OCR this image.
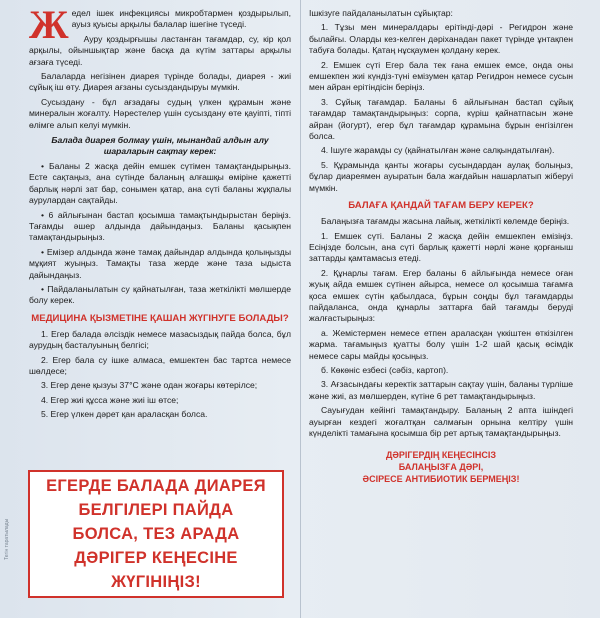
Жедел ішек инфекциясы микробтармен қоздырылып, ауыз қуысы арқылы балалар ішегіне түседі.

Ауру қоздырғышы ластанған тағамдар, су, кір қол арқылы, ойыншықтар және басқа да күтім заттары арқылы ағзаға түседі.

Балаларда негізінен диарея түрінде болады, диарея - жиі сұйық іш өту. Диарея ағзаны сусыздандыруы мүмкін.

Сусыздану - бұл ағзадағы судың үлкен құрамын және минералын жоғалту. Нәрестелер үшін сусыздану өте қауіпті, тіпті өлімге алып келуі мүмкін.

Балада диарея болмау үшін, мынандай алдын алу шараларын сақтау керек:

• Баланы 2 жасқа дейін емшек сүтімен тамақтандырыңыз. Есте сақтаңыз, ана сүтінде баланың алғашқы өміріне қажетті барлық нәрлі зат бар, сонымен қатар, ана сүті баланы жұқпалы аурулардан сақтайды.

• 6 айлығынан бастап қосымша тамақтындырыстан беріңіз. Тағамды әшер алдында дайындаңыз. Баланы қасықпен тамақтандырыңыз.

• Емізер алдында және тамақ дайындар алдында қолыңызды мұқият жуыңыз. Тамақты таза жерде және таза ыдыста дайындаңыз.

• Пайдаланылатын су қайнатылған, таза жеткілікті мөлшерде болу керек.

МЕДИЦИНА ҚЫЗМЕТІНЕ ҚАШАН ЖҮГІНУГЕ БОЛАДЫ?

1. Егер балада әлсіздік немесе мазасыздық пайда болса, бұл аурудың басталуының белгісі;

2. Егер бала су ішке алмаса, емшектен бас тартса немесе шөлдесе;

3. Егер дене қызуы 37°С және одан жоғары көтерілсе;

4. Егер жиі құсса және жиі іш өтсе;

5. Егер үлкен дәрет қан араласқан болса.

ЕГЕРДЕ БАЛАДА ДИАРЕЯ
БЕЛГІЛЕРІ ПАЙДА
БОЛСА, ТЕЗ АРАДА
ДӘРІГЕР КЕҢЕСІНЕ
ЖҮГІНІҢІЗ!
Тегін таратылады

Ішкізуге пайдаланылатын сұйықтар:

1. Тұзы мен минералдары ерітінді-дәрі - Регидрон және былайғы. Оларды кез-келген дәріханадан пакет түрінде ұнтақпен табуға болады. Қатаң нұсқаумен қолдану керек.

2. Емшек сүті Егер бала тек ғана емшек емсе, онда оны емшекпен жиі күндіз-түні емізумен қатар Регидрон немесе сусын мен айран ерітіндісін беріңіз.

3. Сұйық тағамдар. Баланы 6 айлығынан бастап сұйық тағамдар тамақтандырыңыз: сорпа, күріш қайнатпасын және айран (йогурт), егер бұл тағамдар құрамына бұрын енгізілген болса.

4. Ішуге жарамды су (қайнатылған және салқындатылған).

5. Құрамында қанты жоғары сусындардан аулақ болыңыз, бұлар диареямен ауыратын бала жағдайын нашарлатып жіберуі мүмкін.

БАЛАҒА ҚАНДАЙ ТАҒАМ БЕРУ КЕРЕК?

Балаңызға тағамды жасына лайық, жеткілікті көлемде беріңіз.

1. Емшек сүті. Баланы 2 жасқа дейін емшекпен емізіңіз. Есіңізде болсын, ана сүті барлық қажетті нәрлі және қорғаныш заттарды қамтамасыз етеді.

2. Құнарлы тағам. Егер баланы 6 айлығында немесе оған жуық айда емшек сүтінен айырса, немесе ол қосымша тағамға қоса емшек сүтін қабылдаса, бұрын соңды бұл тағамдарды пайдаланса, онда құнарлы заттарға бай тағамды беруді жалғастырыңыз:

а. Жемістермен немесе етпен араласқан үккіштен өткізілген жарма. тағамыңыз қуатты болу үшін 1-2 шай қасық өсімдік немесе сары майды қосыңыз.

б. Көкөніс езбесі (сәбіз, картоп).

3. Ағзасындағы керектік заттарын сақтау үшін, баланы түрліше және жиі, аз мөлшерден, күтіне 6 рет тамақтандырыңыз.

Сауығудан кейінгі тамақтандыру. Баланың 2 апта ішіндегі ауырған кездегі жоғалтқан салмағын орнына келтіру үшін күнделікті тамағына қосымша бір рет артық тамақтандырыңыз.

ДӘРІГЕРДІҢ КЕҢЕСІНСІЗ
БАЛАҢЫЗҒА ДӘРІ,
ӘСІРЕСЕ АНТИБИОТИК БЕРМЕҢІЗ!
